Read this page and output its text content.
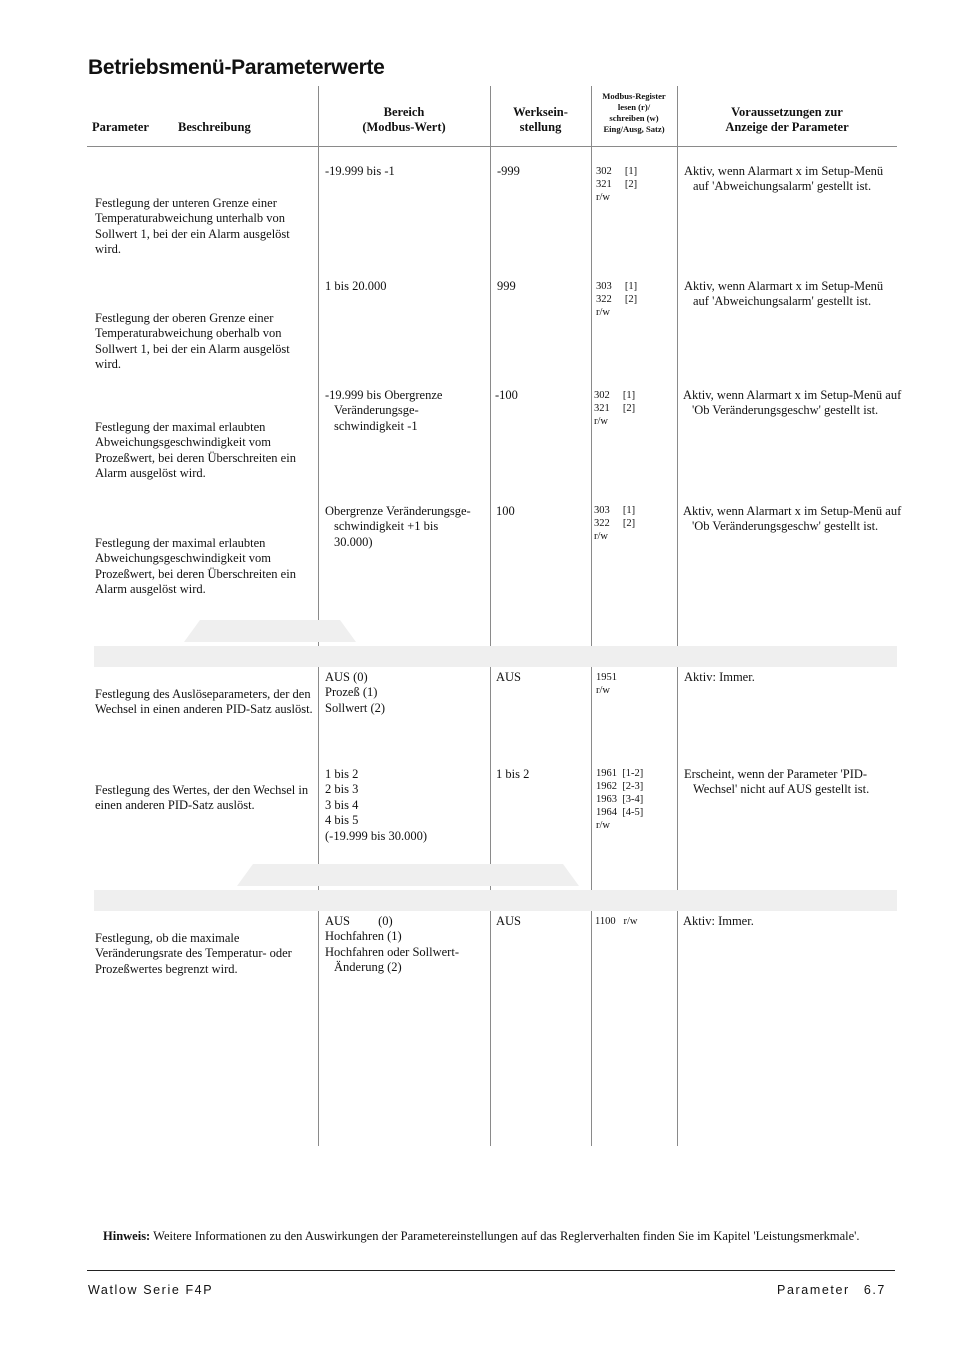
Betriebsmenü-Parameterwerte
Parameter Beschreibung
Bereich
(Modbus-Wert)
Werksein-
stellung
Modbus-Register
lesen (r)/
schreiben (w)
Eing/Ausg, Satz)
Voraussetzungen zur
Anzeige der Parameter
Festlegung der unteren Grenze einer Temperaturabweichung unterhalb von Sollwert 1, bei der ein Alarm ausgelöst wird.
-19.999 bis -1	-999	302     [1]
321     [2]
r/w
Aktiv, wenn Alarmart x im Setup-Menü auf 'Abweichungsalarm' gestellt ist.
Festlegung der oberen Grenze einer Temperaturabweichung oberhalb von Sollwert 1, bei der ein Alarm ausgelöst wird.
1 bis 20.000	999	303     [1]
322     [2]
r/w
Aktiv, wenn Alarmart x im Setup-Menü auf 'Abweichungsalarm' gestellt ist.
Festlegung der maximal erlaubten Abweichungsgeschwindigkeit vom Prozeßwert, bei deren Überschreiten ein Alarm ausgelöst wird.
-19.999 bis Obergrenze Veränderungsge-schwindigkeit -1
-100	302     [1]
321     [2]
r/w
Aktiv, wenn Alarmart x im Setup-Menü auf 'Ob Veränderungsgeschw' gestellt ist.
Festlegung der maximal erlaubten Abweichungsgeschwindigkeit vom Prozeßwert, bei deren Überschreiten ein Alarm ausgelöst wird.
Obergrenze Veränderungsge-schwindigkeit +1 bis 30.000)
100	303     [1]
322     [2]
r/w
Aktiv, wenn Alarmart x im Setup-Menü auf 'Ob Veränderungsgeschw' gestellt ist.
Festlegung des Auslöseparameters, der den Wechsel in einen anderen PID-Satz auslöst.
AUS (0)
Prozeß (1)
Sollwert (2)
AUS	1951
r/w
Aktiv: Immer.
Festlegung des Wertes, der den Wechsel in einen anderen PID-Satz auslöst.
1 bis 2
2 bis 3
3 bis 4
4 bis 5
(-19.999 bis 30.000)
1 bis 2	1961  [1-2]
1962  [2-3]
1963  [3-4]
1964  [4-5]
r/w
Erscheint, wenn der Parameter 'PID-Wechsel' nicht auf AUS gestellt ist.
Festlegung, ob die maximale Veränderungsrate des Temperatur- oder Prozeßwertes begrenzt wird.
AUS         (0)
Hochfahren (1)
Hochfahren oder Sollwert-Änderung (2)
AUS	1100   r/w	Aktiv: Immer.
Hinweis: Weitere Informationen zu den Auswirkungen der Parametereinstellungen auf das Reglerverhalten finden Sie im Kapitel 'Leistungsmerkmale'.
Watlow Serie F4P	Parameter 6.7
